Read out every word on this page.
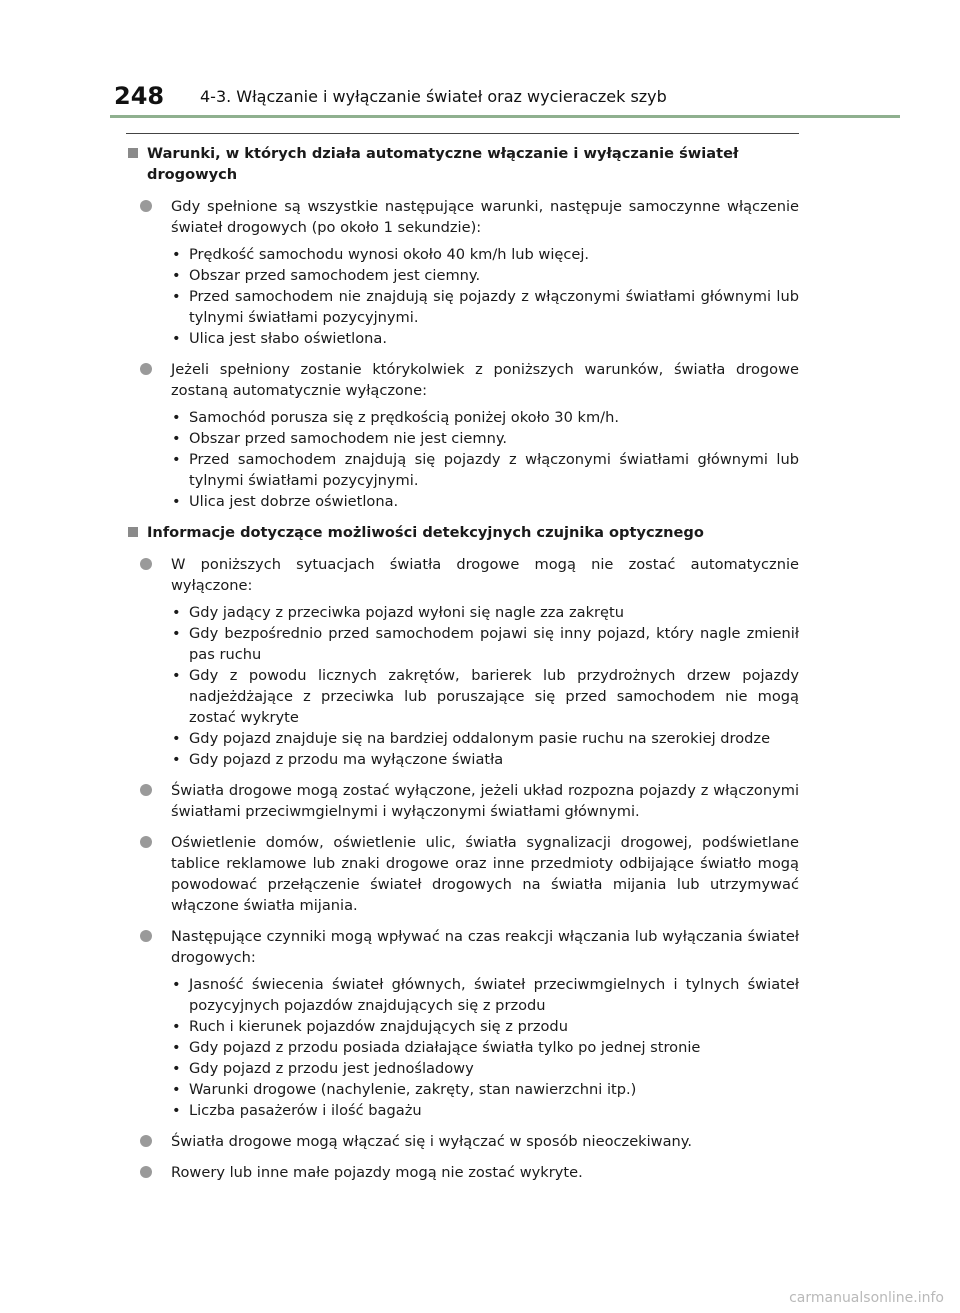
248 4-3. Włączanie i wyłączanie świateł oraz wycieraczek szyb
Warunki, w których działa automatyczne włączanie i wyłączanie świateł drogowych

Gdy spełnione są wszystkie następujące warunki, następuje samoczynne włączenie świateł drogowych (po około 1 sekundzie):

• Prędkość samochodu wynosi około 40 km/h lub więcej.
• Obszar przed samochodem jest ciemny.
• Przed samochodem nie znajdują się pojazdy z włączonymi światłami głównymi lub tylnymi światłami pozycyjnymi.
• Ulica jest słabo oświetlona.

Jeżeli spełniony zostanie którykolwiek z poniższych warunków, światła drogowe zostaną automatycznie wyłączone:

• Samochód porusza się z prędkością poniżej około 30 km/h.
• Obszar przed samochodem nie jest ciemny.
• Przed samochodem znajdują się pojazdy z włączonymi światłami głównymi lub tylnymi światłami pozycyjnymi.
• Ulica jest dobrze oświetlona.
Informacje dotyczące możliwości detekcyjnych czujnika optycznego

W poniższych sytuacjach światła drogowe mogą nie zostać automatycznie wyłączone:

• Gdy jadący z przeciwka pojazd wyłoni się nagle zza zakrętu
• Gdy bezpośrednio przed samochodem pojawi się inny pojazd, który nagle zmienił pas ruchu
• Gdy z powodu licznych zakrętów, barierek lub przydrożnych drzew pojazdy nadjeżdżające z przeciwka lub poruszające się przed samochodem nie mogą zostać wykryte
• Gdy pojazd znajduje się na bardziej oddalonym pasie ruchu na szerokiej drodze
• Gdy pojazd z przodu ma wyłączone światła

Światła drogowe mogą zostać wyłączone, jeżeli układ rozpozna pojazdy z włączonymi światłami przeciwmgielnymi i wyłączonymi światłami głównymi.

Oświetlenie domów, oświetlenie ulic, światła sygnalizacji drogowej, podświetlane tablice reklamowe lub znaki drogowe oraz inne przedmioty odbijające światło mogą powodować przełączenie świateł drogowych na światła mijania lub utrzymywać włączone światła mijania.

Następujące czynniki mogą wpływać na czas reakcji włączania lub wyłączania świateł drogowych:

• Jasność świecenia świateł głównych, świateł przeciwmgielnych i tylnych świateł pozycyjnych pojazdów znajdujących się z przodu
• Ruch i kierunek pojazdów znajdujących się z przodu
• Gdy pojazd z przodu posiada działające światła tylko po jednej stronie
• Gdy pojazd z przodu jest jednośladowy
• Warunki drogowe (nachylenie, zakręty, stan nawierzchni itp.)
• Liczba pasażerów i ilość bagażu

Światła drogowe mogą włączać się i wyłączać w sposób nieoczekiwany.

Rowery lub inne małe pojazdy mogą nie zostać wykryte.

carmanualsonline.info
